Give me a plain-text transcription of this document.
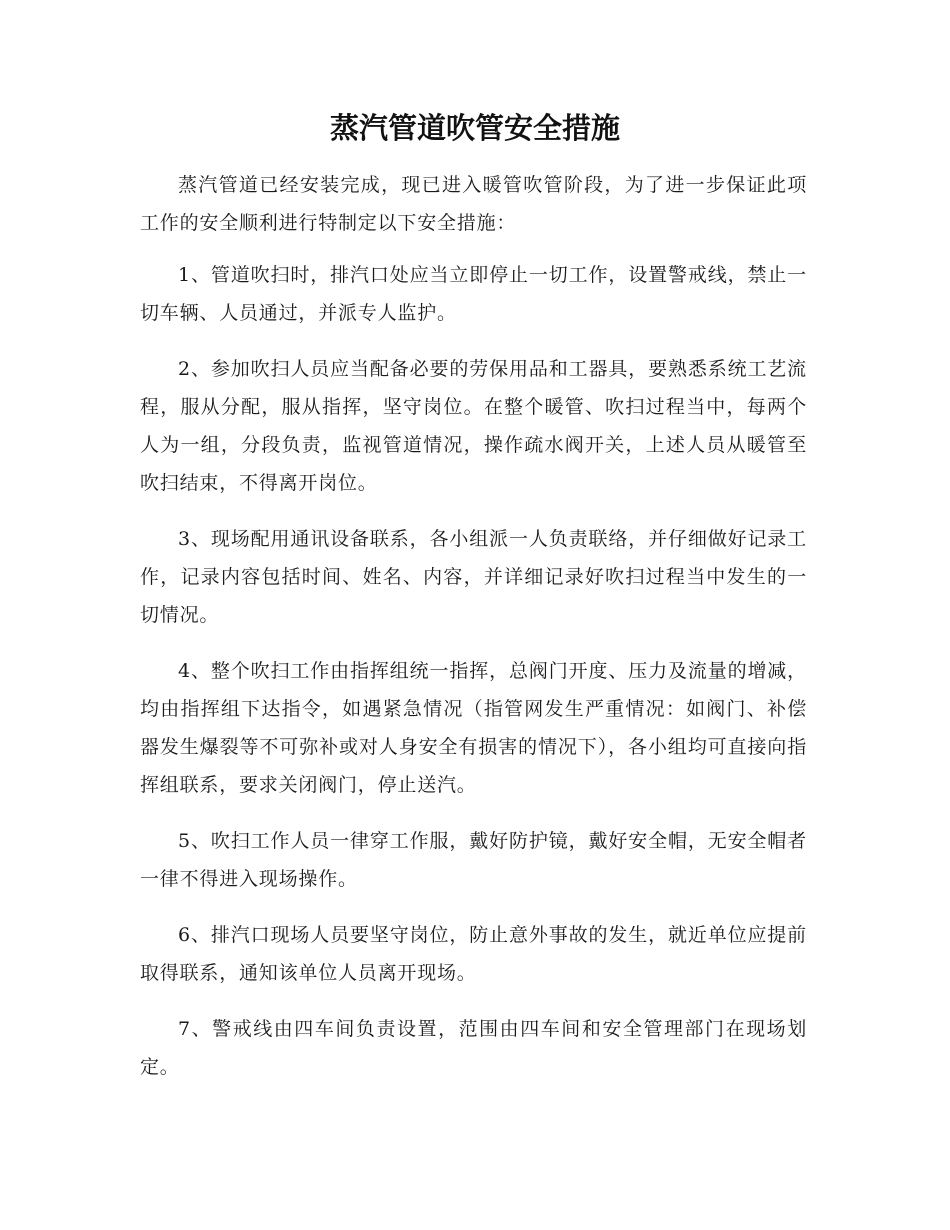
蒸汽管道吹管安全措施

蒸汽管道已经安装完成，现已进入暖管吹管阶段，为了进一步保证此项工作的安全顺利进行特制定以下安全措施：

1、管道吹扫时，排汽口处应当立即停止一切工作，设置警戒线，禁止一切车辆、人员通过，并派专人监护。

2、参加吹扫人员应当配备必要的劳保用品和工器具，要熟悉系统工艺流程，服从分配，服从指挥，坚守岗位。在整个暖管、吹扫过程当中，每两个人为一组，分段负责，监视管道情况，操作疏水阀开关，上述人员从暖管至吹扫结束，不得离开岗位。

3、现场配用通讯设备联系，各小组派一人负责联络，并仔细做好记录工作，记录内容包括时间、姓名、内容，并详细记录好吹扫过程当中发生的一切情况。

4、整个吹扫工作由指挥组统一指挥，总阀门开度、压力及流量的增减，均由指挥组下达指令，如遇紧急情况（指管网发生严重情况：如阀门、补偿器发生爆裂等不可弥补或对人身安全有损害的情况下），各小组均可直接向指挥组联系，要求关闭阀门，停止送汽。

5、吹扫工作人员一律穿工作服，戴好防护镜，戴好安全帽，无安全帽者一律不得进入现场操作。

6、排汽口现场人员要坚守岗位，防止意外事故的发生，就近单位应提前取得联系，通知该单位人员离开现场。

7、警戒线由四车间负责设置，范围由四车间和安全管理部门在现场划定。
